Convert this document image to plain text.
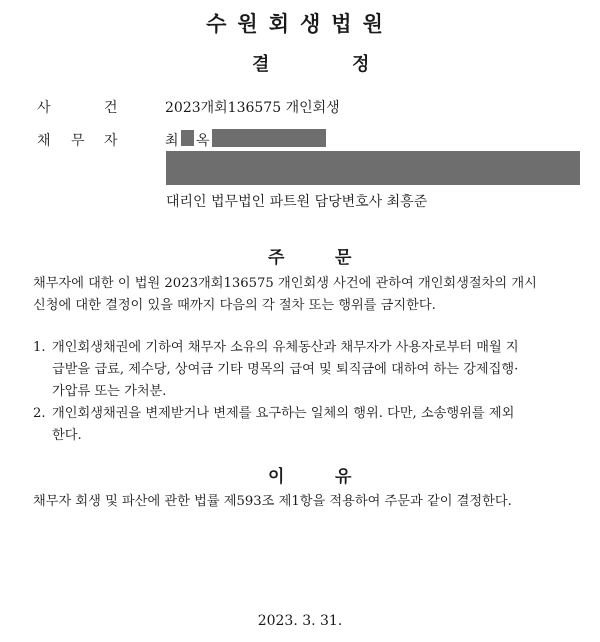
수원회생법원
결	정
사	건	2023개회136575 개인회생
채 무 자	최 옥
대리인 법무법인 파트원 담당변호사 최흥준
주	문
채무자에 대한 이 법원 2023개회136575 개인회생 사건에 관하여 개인회생절차의 개시
신청에 대한 결정이 있을 때까지 다음의 각 절차 또는 행위를 금지한다.
1. 개인회생채권에 기하여 채무자 소유의 유체동산과 채무자가 사용자로부터 매월 지
급받을 급료, 제수당, 상여금 기타 명목의 급여 및 퇴직금에 대하여 하는 강제집행·
가압류 또는 가처분.
2. 개인회생채권을 변제받거나 변제를 요구하는 일체의 행위. 다만, 소송행위를 제외
한다.
이	유
채무자 회생 및 파산에 관한 법률 제593조 제1항을 적용하여 주문과 같이 결정한다.
2023. 3. 31.
